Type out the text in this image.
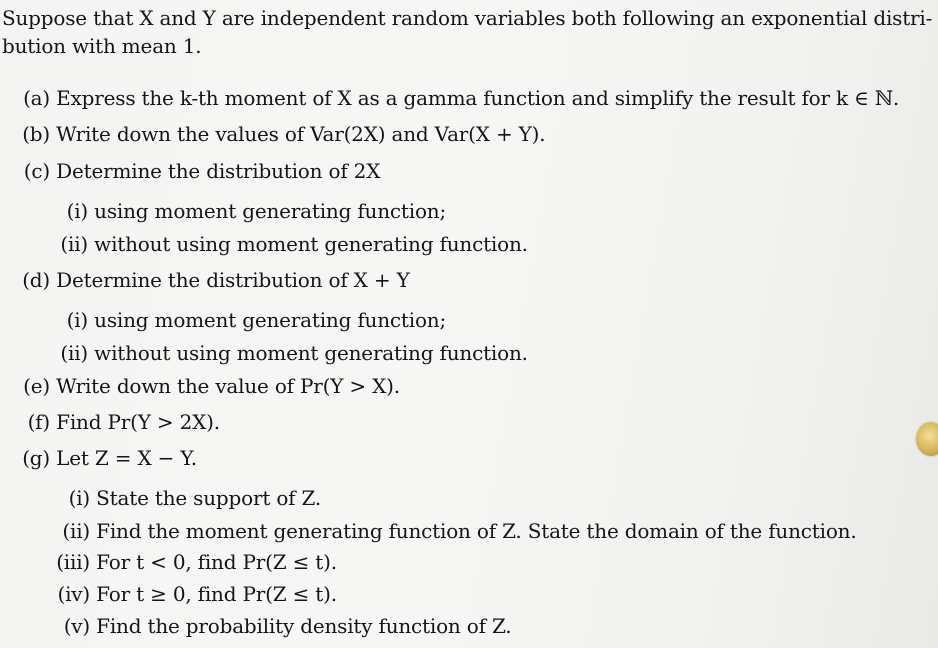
Suppose that X and Y are independent random variables both following an exponential distri-
bution with mean 1.
(a) Express the k-th moment of X as a gamma function and simplify the result for k ∈ ℕ.
(b) Write down the values of Var(2X) and Var(X + Y).
(c) Determine the distribution of 2X
(i) using moment generating function;
(ii) without using moment generating function.
(d) Determine the distribution of X + Y
(i) using moment generating function;
(ii) without using moment generating function.
(e) Write down the value of Pr(Y > X).
(f) Find Pr(Y > 2X).
(g) Let Z = X − Y.
(i) State the support of Z.
(ii) Find the moment generating function of Z. State the domain of the function.
(iii) For t < 0, find Pr(Z ≤ t).
(iv) For t ≥ 0, find Pr(Z ≤ t).
(v) Find the probability density function of Z.
